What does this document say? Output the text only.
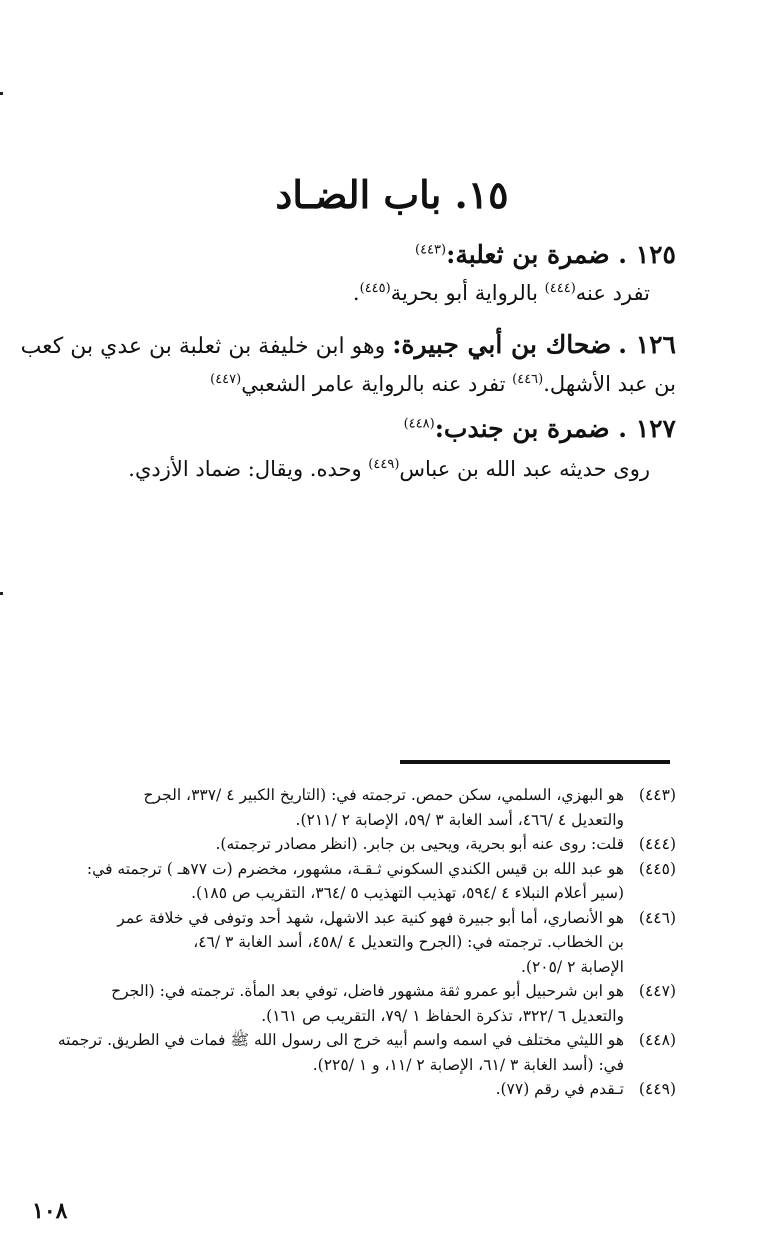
١٥. باب الضـاد
١٢٥ . ضمرة بن ثعلبة:$^{(٤٤٣)}$
تفرد عنه$^{(٤٤٤)}$ بالرواية أبو بحرية$^{(٤٤٥)}$.
١٢٦ . ضحاك بن أبي جبيرة: وهو ابن خليفة بن ثعلبة بن عدي بن كعب
بن عبد الأشهل.$^{(٤٤٦)}$ تفرد عنه بالرواية عامر الشعبي$^{(٤٤٧)}$
١٢٧ . ضمرة بن جندب:$^{(٤٤٨)}$
روى حديثه عبد الله بن عباس$^{(٤٤٩)}$ وحده. ويقال: ضماد الأزدي.
(٤٤٣)
هو البهزي، السلمي، سكن حمص. ترجمته في: (التاريخ الكبير ٤ /٣٣٧، الجرح
والتعديل ٤ /٤٦٦، أسد الغابة ٣ /٥٩، الإصابة ٢ /٢١١).
(٤٤٤)
قلت: روى عنه أبو بحرية، ويحيى بن جابر. (انظر مصادر ترجمته).
(٤٤٥)
هو عبد الله بن قيس الكندي السكوني ثـقـة، مشهور، مخضرم (ت ٧٧هـ ) ترجمته في:
(سير أعلام النبلاء ٤ /٥٩٤، تهذيب التهذيب ٥ /٣٦٤، التقريب ص ١٨٥).
(٤٤٦)
هو الأنصاري، أما أبو جبيرة فهو كنية عبد الاشهل، شهد أحد وتوفى في خلافة عمر
بن الخطاب. ترجمته في: (الجرح والتعديل ٤ /٤٥٨، أسد الغابة ٣ /٤٦،
الإصابة ٢ /٢٠٥).
(٤٤٧)
هو ابن شرحبيل أبو عمرو ثقة مشهور فاضل، توفي بعد المأة. ترجمته في: (الجرح
والتعديل ٦ /٣٢٢، تذكرة الحفاظ ١ /٧٩، التقريب ص ١٦١).
(٤٤٨)
هو الليثي مختلف في اسمه واسم أبيه خرج الى رسول الله ﷺ فمات في الطريق. ترجمته
في: (أسد الغابة ٣ /٦١، الإصابة ٢ /١١، و ١ /٢٢٥).
(٤٤٩)
تـقدم في رقم (٧٧).
١٠٨
